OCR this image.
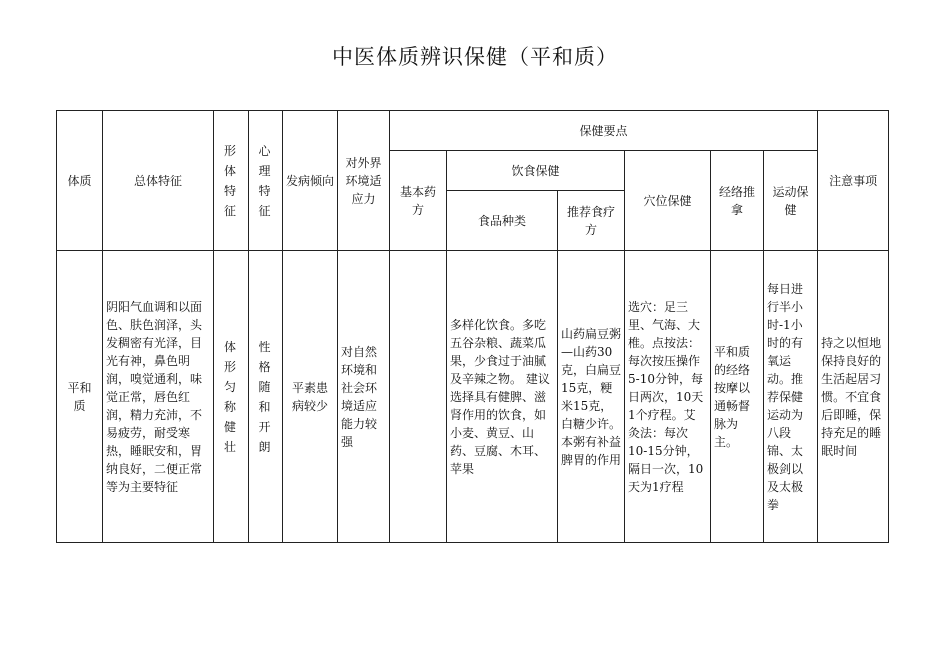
中医体质辨识保健（平和质）
体质	总体特征	形体特征	心理特征	发病倾向	对外界环境适应力	保健要点						注意事项
						基本药方	饮食保健		穴位保健	经络推拿	运动保健	
							食品种类	推荐食疗方				
平和质	阴阳气血调和以面色、肤色润泽，头发稠密有光泽，目光有神，鼻色明润，嗅觉通利，味觉正常，唇色红润，精力充沛，不易疲劳，耐受寒热，睡眠安和，胃纳良好，二便正常等为主要特征	体形匀称健壮	性格随和开朗	平素患病较少	对自然环境和社会环境适应能力较强		多样化饮食。多吃五谷杂粮、蔬菜瓜果，少食过于油腻及辛辣之物。 建议选择具有健脾、滋肾作用的饮食，如小麦、黄豆、山药、豆腐、木耳、苹果	山药扁豆粥—山药30克，白扁豆15克，粳米15克，白糖少许。本粥有补益脾胃的作用	选穴：足三里、气海、大椎。点按法：每次按压操作5-10分钟，每日两次，10天1个疗程。艾灸法：每次10-15分钟，隔日一次，10天为1疗程	平和质的经络按摩以通畅督脉为主。	每日进行半小时-1小时的有氧运动。推荐保健运动为八段锦、太极剑以及太极拳	持之以恒地保持良好的生活起居习惯。不宜食后即睡，保持充足的睡眠时间
